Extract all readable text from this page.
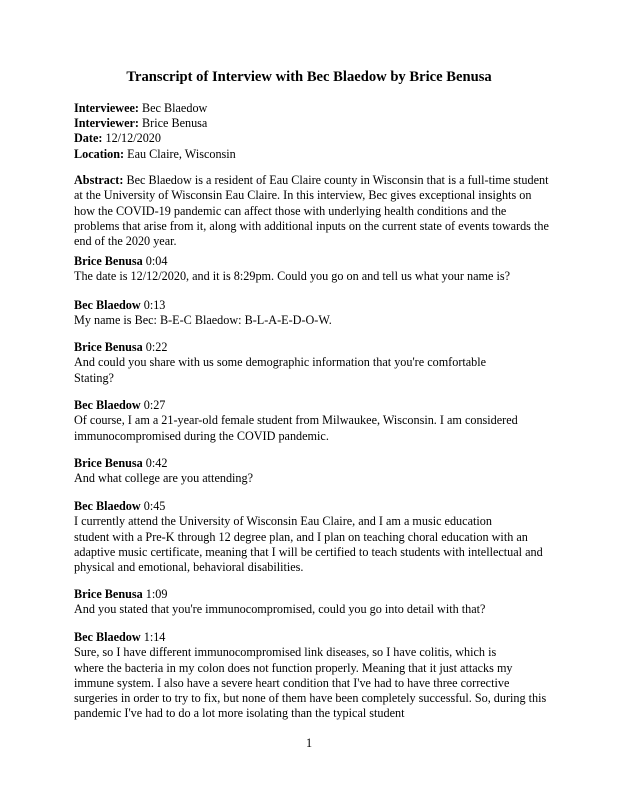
Transcript of Interview with Bec Blaedow by Brice Benusa
Interviewee: Bec Blaedow
Interviewer: Brice Benusa
Date: 12/12/2020
Location: Eau Claire, Wisconsin
Abstract: Bec Blaedow is a resident of Eau Claire county in Wisconsin that is a full-time student
at the University of Wisconsin Eau Claire. In this interview, Bec gives exceptional insights on
how the COVID-19 pandemic can affect those with underlying health conditions and the
problems that arise from it, along with additional inputs on the current state of events towards the
end of the 2020 year.
Brice Benusa 0:04
The date is 12/12/2020, and it is 8:29pm. Could you go on and tell us what your name is?
Bec Blaedow 0:13
My name is Bec: B-E-C Blaedow: B-L-A-E-D-O-W.
Brice Benusa 0:22
And could you share with us some demographic information that you're comfortable
Stating?
Bec Blaedow 0:27
Of course, I am a 21-year-old female student from Milwaukee, Wisconsin. I am considered
immunocompromised during the COVID pandemic.
Brice Benusa 0:42
And what college are you attending?
Bec Blaedow 0:45
I currently attend the University of Wisconsin Eau Claire, and I am a music education
student with a Pre-K through 12 degree plan, and I plan on teaching choral education with an
adaptive music certificate, meaning that I will be certified to teach students with intellectual and
physical and emotional, behavioral disabilities.
Brice Benusa 1:09
And you stated that you're immunocompromised, could you go into detail with that?
Bec Blaedow 1:14
Sure, so I have different immunocompromised link diseases, so I have colitis, which is
where the bacteria in my colon does not function properly. Meaning that it just attacks my
immune system. I also have a severe heart condition that I've had to have three corrective
surgeries in order to try to fix, but none of them have been completely successful. So, during this
pandemic I've had to do a lot more isolating than the typical student
1
